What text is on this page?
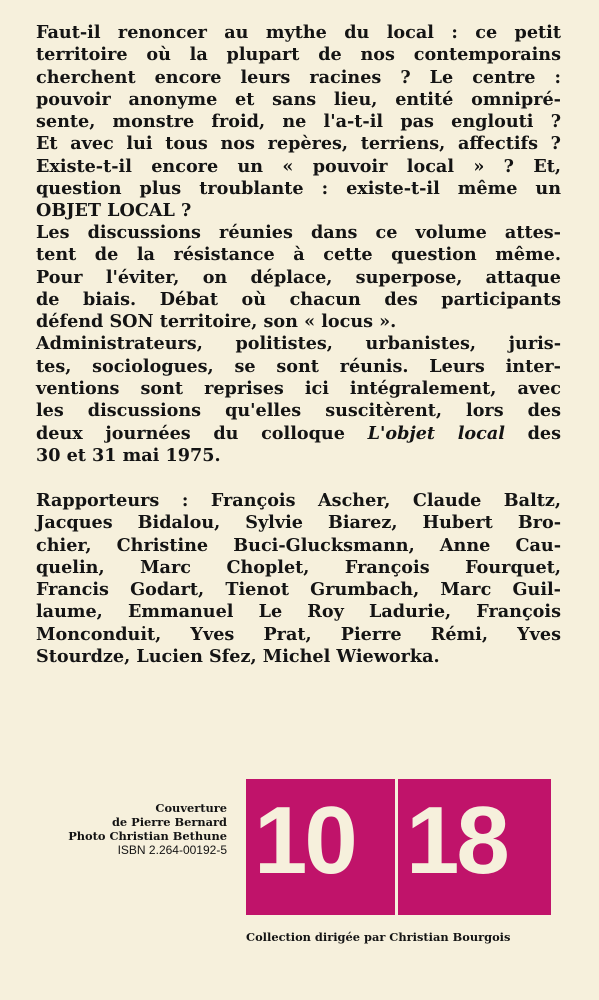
Faut-il renoncer au mythe du local : ce petit
territoire où la plupart de nos contemporains
cherchent encore leurs racines ? Le centre :
pouvoir anonyme et sans lieu, entité omnipré-
sente, monstre froid, ne l'a-t-il pas englouti ?
Et avec lui tous nos repères, terriens, affectifs ?
Existe-t-il encore un « pouvoir local » ? Et,
question plus troublante : existe-t-il même un
OBJET LOCAL ?
Les discussions réunies dans ce volume attes-
tent de la résistance à cette question même.
Pour l'éviter, on déplace, superpose, attaque
de biais. Débat où chacun des participants
défend SON territoire, son « locus ».
Administrateurs, politistes, urbanistes, juris-
tes, sociologues, se sont réunis. Leurs inter-
ventions sont reprises ici intégralement, avec
les discussions qu'elles suscitèrent, lors des
deux journées du colloque L'objet local des
30 et 31 mai 1975.
Rapporteurs : François Ascher, Claude Baltz,
Jacques Bidalou, Sylvie Biarez, Hubert Bro-
chier, Christine Buci-Glucksmann, Anne Cau-
quelin, Marc Choplet, François Fourquet,
Francis Godart, Tienot Grumbach, Marc Guil-
laume, Emmanuel Le Roy Ladurie, François
Moncondui̇t, Yves Prat, Pierre Rémi, Yves
Stourdze, Lucien Sfez, Michel Wieworka.
Couverture
de Pierre Bernard
Photo Christian Bethune
ISBN 2.264-00192-5 10 18
Collection dirigée par Christian Bourgois
